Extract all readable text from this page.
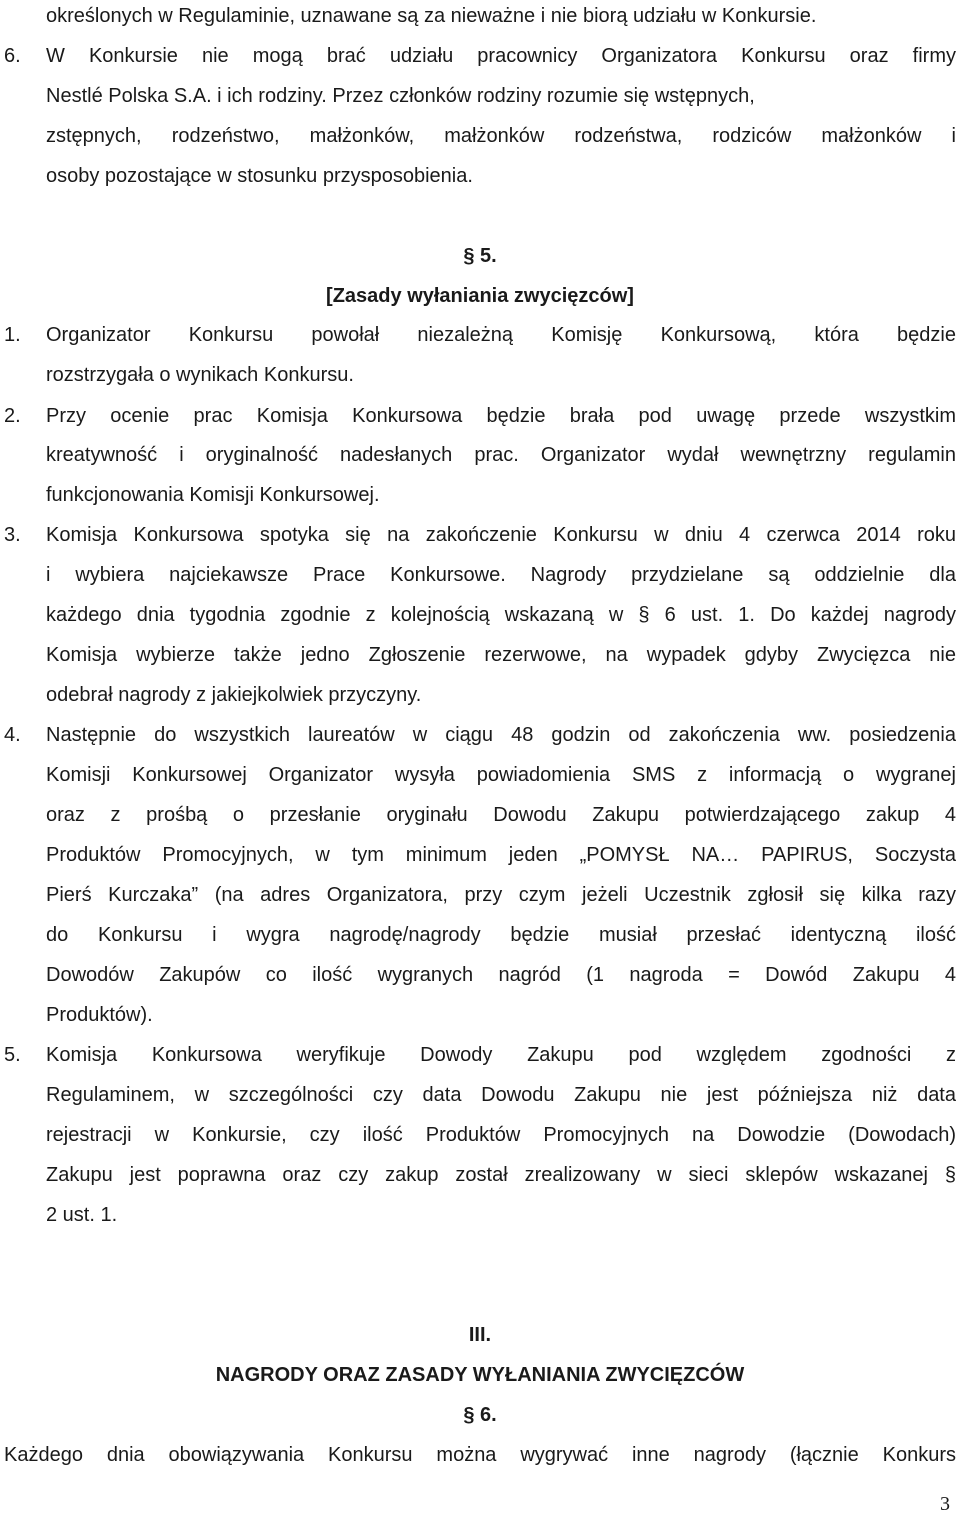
określonych w Regulaminie, uznawane są za nieważne i nie biorą udziału w Konkursie.
6. W Konkursie nie mogą brać udziału pracownicy Organizatora Konkursu oraz firmy
Nestlé Polska S.A. i ich rodziny. Przez członków rodziny rozumie się wstępnych,
zstępnych, rodzeństwo, małżonków, małżonków rodzeństwa, rodziców małżonków i
osoby pozostające w stosunku przysposobienia.
§ 5.
[Zasady wyłaniania zwycięzców]
1. Organizator Konkursu powołał niezależną Komisję Konkursową, która będzie
rozstrzygała o wynikach Konkursu.
2. Przy ocenie prac Komisja Konkursowa będzie brała pod uwagę przede wszystkim
kreatywność i oryginalność nadesłanych prac. Organizator wydał wewnętrzny regulamin
funkcjonowania Komisji Konkursowej.
3. Komisja Konkursowa spotyka się na zakończenie Konkursu w dniu 4 czerwca 2014 roku
i wybiera najciekawsze Prace Konkursowe. Nagrody przydzielane są oddzielnie dla
każdego dnia tygodnia zgodnie z kolejnością wskazaną w § 6 ust. 1. Do każdej nagrody
Komisja wybierze także jedno Zgłoszenie rezerwowe, na wypadek gdyby Zwycięzca nie
odebrał nagrody z jakiejkolwiek przyczyny.
4. Następnie do wszystkich laureatów w ciągu 48 godzin od zakończenia ww. posiedzenia
Komisji Konkursowej Organizator wysyła powiadomienia SMS z informacją o wygranej
oraz z prośbą o przesłanie oryginału Dowodu Zakupu potwierdzającego zakup 4
Produktów Promocyjnych, w tym minimum jeden „POMYSŁ NA… PAPIRUS, Soczysta
Pierś Kurczaka” (na adres Organizatora, przy czym jeżeli Uczestnik zgłosił się kilka razy
do Konkursu i wygra nagrodę/nagrody będzie musiał przesłać identyczną ilość
Dowodów Zakupów co ilość wygranych nagród (1 nagroda = Dowód Zakupu 4
Produktów).
5. Komisja Konkursowa weryfikuje Dowody Zakupu pod względem zgodności z
Regulaminem, w szczególności czy data Dowodu Zakupu nie jest późniejsza niż data
rejestracji w Konkursie, czy ilość Produktów Promocyjnych na Dowodzie (Dowodach)
Zakupu jest poprawna oraz czy zakup został zrealizowany w sieci sklepów wskazanej §
2 ust. 1.
III.
NAGRODY ORAZ ZASADY WYŁANIANIA ZWYCIĘZCÓW
§ 6.
Każdego dnia obowiązywania Konkursu można wygrywać inne nagrody (łącznie Konkurs
3
